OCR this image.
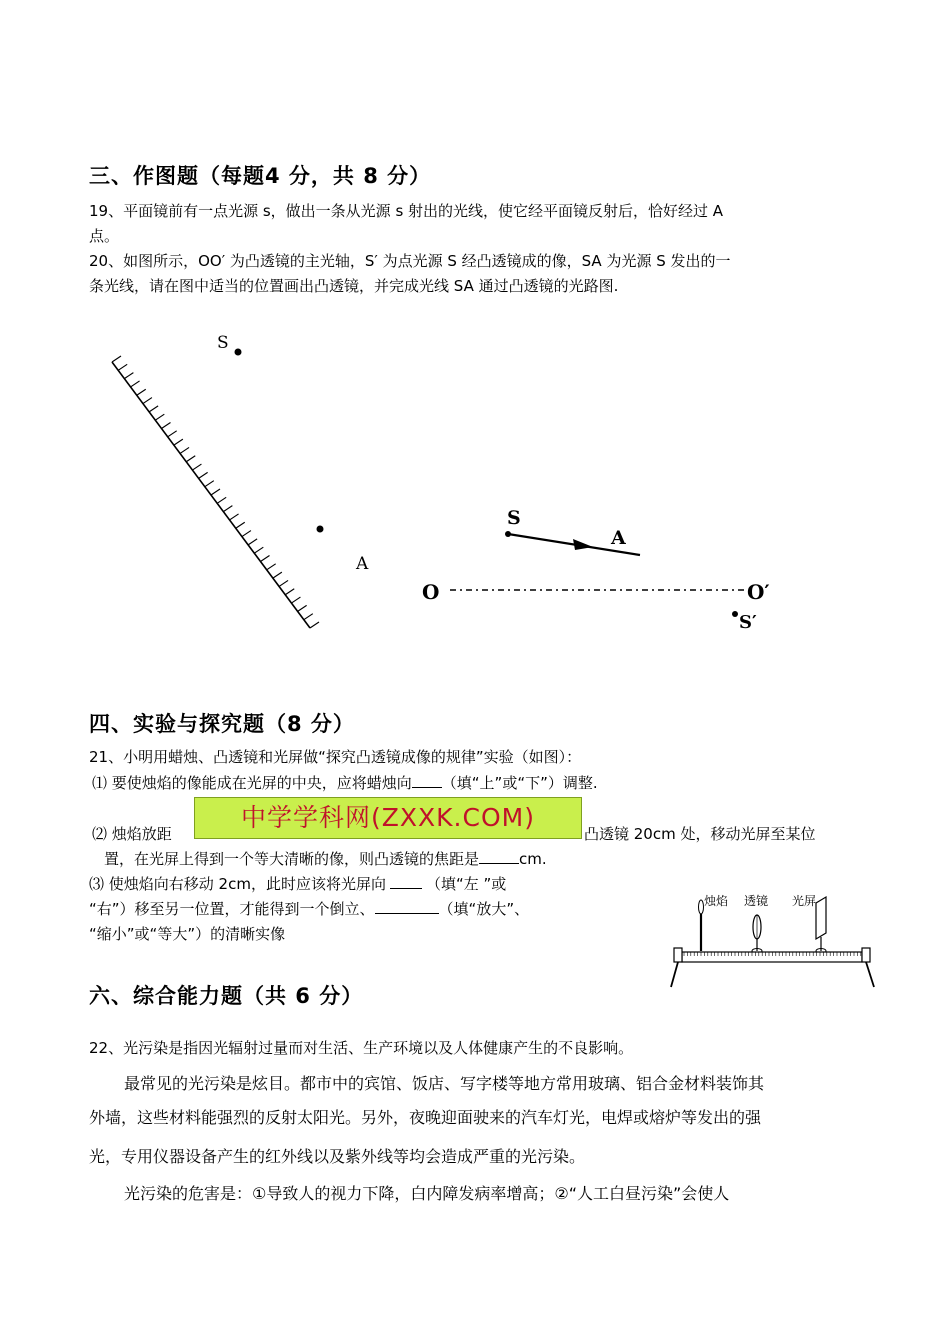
三、作图题（每题4 分，共 8 分）
19、平面镜前有一点光源 s，做出一条从光源 s 射出的光线，使它经平面镜反射后，恰好经过 A
点。
20、如图所示，OO′ 为凸透镜的主光轴，S′ 为点光源 S 经凸透镜成的像，SA 为光源 S 发出的一
条光线，请在图中适当的位置画出凸透镜，并完成光线 SA 通过凸透镜的光路图.
S
A
S
A
O	O′
S′
四、实验与探究题（8 分）
21、小明用蜡烛、凸透镜和光屏做“探究凸透镜成像的规律”实验（如图）：
⑴ 要使烛焰的像能成在光屏的中央，应将蜡烛向 （填“上”或“下”）调整.
⑵ 烛焰放距	凸透镜 20cm 处，移动光屏至某位
置，在光屏上得到一个等大清晰的像，则凸透镜的焦距是	cm.
⑶ 使烛焰向右移动 2cm，此时应该将光屏向	（填“左 ”或
“右”）移至另一位置，才能得到一个倒立、	（填“放大”、
“缩小”或“等大”）的清晰实像
中学学科网(ZXXK.COM)
烛焰 透镜 光屏
六、综合能力题（共 6 分）
22、光污染是指因光辐射过量而对生活、生产环境以及人体健康产生的不良影响。
最常见的光污染是炫目。都市中的宾馆、饭店、写字楼等地方常用玻璃、铝合金材料装饰其
外墙，这些材料能强烈的反射太阳光。另外，夜晚迎面驶来的汽车灯光，电焊或熔炉等发出的强
光，专用仪器设备产生的红外线以及紫外线等均会造成严重的光污染。
光污染的危害是：①导致人的视力下降，白内障发病率增高；②“人工白昼污染”会使人
